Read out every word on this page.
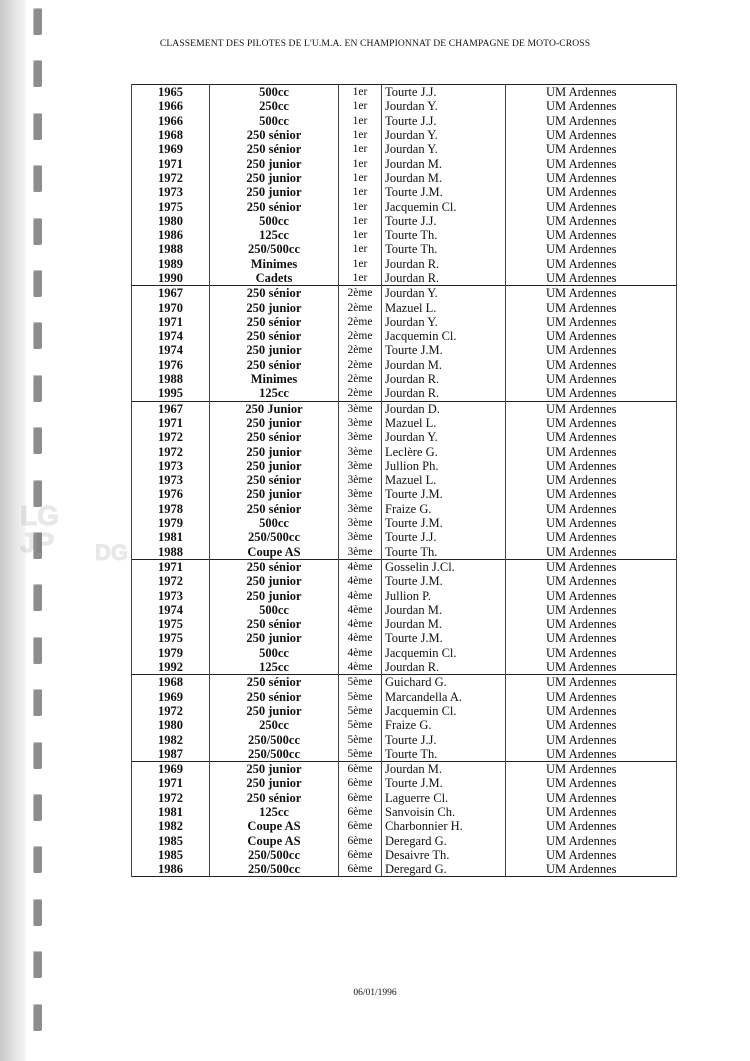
CLASSEMENT DES PILOTES DE L'U.M.A. EN CHAMPIONNAT DE CHAMPAGNE DE MOTO-CROSS
LG
DG
1965	500cc	1er	Tourte J.J.	UM Ardennes
1966	250cc	1er	Jourdan Y.	UM Ardennes
1966	500cc	1er	Tourte J.J.	UM Ardennes
1968	250 sénior	1er	Jourdan Y.	UM Ardennes
1969	250 sénior	1er	Jourdan Y.	UM Ardennes
1971	250 junior	1er	Jourdan M.	UM Ardennes
1972	250 junior	1er	Jourdan M.	UM Ardennes
1973	250 junior	1er	Tourte J.M.	UM Ardennes
1975	250 sénior	1er	Jacquemin Cl.	UM Ardennes
1980	500cc	1er	Tourte J.J.	UM Ardennes
1986	125cc	1er	Tourte Th.	UM Ardennes
1988	250/500cc	1er	Tourte Th.	UM Ardennes
1989	Minimes	1er	Jourdan R.	UM Ardennes
1990	Cadets	1er	Jourdan R.	UM Ardennes
1967	250 sénior	2ème	Jourdan Y.	UM Ardennes
1970	250 junior	2ème	Mazuel L.	UM Ardennes
1971	250 sénior	2ème	Jourdan Y.	UM Ardennes
1974	250 sénior	2ème	Jacquemin Cl.	UM Ardennes
1974	250 junior	2ème	Tourte J.M.	UM Ardennes
1976	250 sénior	2ème	Jourdan M.	UM Ardennes
1988	Minimes	2ème	Jourdan R.	UM Ardennes
1995	125cc	2ème	Jourdan R.	UM Ardennes
1967	250 Junior	3ème	Jourdan D.	UM Ardennes
1971	250 junior	3ème	Mazuel L.	UM Ardennes
1972	250 sénior	3ème	Jourdan Y.	UM Ardennes
1972	250 junior	3ème	Leclère G.	UM Ardennes
1973	250 junior	3ème	Jullion Ph.	UM Ardennes
1973	250 sénior	3ème	Mazuel L.	UM Ardennes
1976	250 junior	3ème	Tourte J.M.	UM Ardennes
1978	250 sénior	3ème	Fraize G.	UM Ardennes
1979	500cc	3ème	Tourte J.M.	UM Ardennes
1981	250/500cc	3ème	Tourte J.J.	UM Ardennes
1988	Coupe AS	3ème	Tourte Th.	UM Ardennes
1971	250 sénior	4ème	Gosselin J.Cl.	UM Ardennes
1972	250 junior	4ème	Tourte J.M.	UM Ardennes
1973	250 junior	4ème	Jullion P.	UM Ardennes
1974	500cc	4ème	Jourdan M.	UM Ardennes
1975	250 sénior	4ème	Jourdan M.	UM Ardennes
1975	250 junior	4ème	Tourte J.M.	UM Ardennes
1979	500cc	4ème	Jacquemin Cl.	UM Ardennes
1992	125cc	4ème	Jourdan R.	UM Ardennes
1968	250 sénior	5ème	Guichard G.	UM Ardennes
1969	250 sénior	5ème	Marcandella A.	UM Ardennes
1972	250 junior	5ème	Jacquemin Cl.	UM Ardennes
1980	250cc	5ème	Fraize G.	UM Ardennes
1982	250/500cc	5ème	Tourte J.J.	UM Ardennes
1987	250/500cc	5ème	Tourte Th.	UM Ardennes
1969	250 junior	6ème	Jourdan M.	UM Ardennes
1971	250 junior	6ème	Tourte J.M.	UM Ardennes
1972	250 sénior	6ème	Laguerre Cl.	UM Ardennes
1981	125cc	6ème	Sanvoisin Ch.	UM Ardennes
1982	Coupe AS	6ème	Charbonnier H.	UM Ardennes
1985	Coupe AS	6ème	Deregard G.	UM Ardennes
1985	250/500cc	6ème	Desaivre Th.	UM Ardennes
1986	250/500cc	6ème	Deregard G.	UM Ardennes
06/01/1996
